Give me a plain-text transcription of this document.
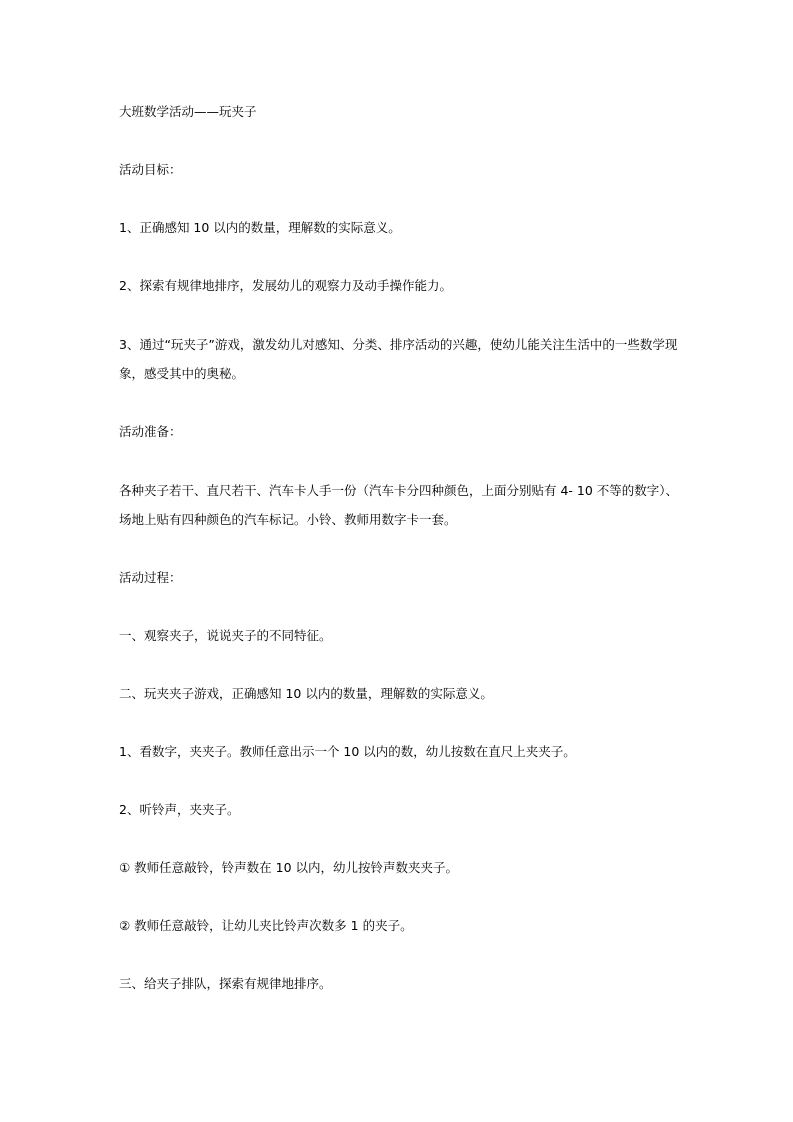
大班数学活动——玩夹子
活动目标：
1、正确感知 10 以内的数量，理解数的实际意义。
2、探索有规律地排序，发展幼儿的观察力及动手操作能力。
3、通过“玩夹子”游戏，激发幼儿对感知、分类、排序活动的兴趣，使幼儿能关注生活中的一些数学现象，感受其中的奥秘。
活动准备：
各种夹子若干、直尺若干、汽车卡人手一份（汽车卡分四种颜色，上面分别贴有 4- 10 不等的数字）、场地上贴有四种颜色的汽车标记。小铃、教师用数字卡一套。
活动过程：
一、观察夹子，说说夹子的不同特征。
二、玩夹夹子游戏，正确感知 10 以内的数量，理解数的实际意义。
1、看数字，夹夹子。教师任意出示一个 10 以内的数，幼儿按数在直尺上夹夹子。
2、听铃声，夹夹子。
① 教师任意敲铃，铃声数在 10 以内，幼儿按铃声数夹夹子。
② 教师任意敲铃，让幼儿夹比铃声次数多 1 的夹子。
三、给夹子排队，探索有规律地排序。
